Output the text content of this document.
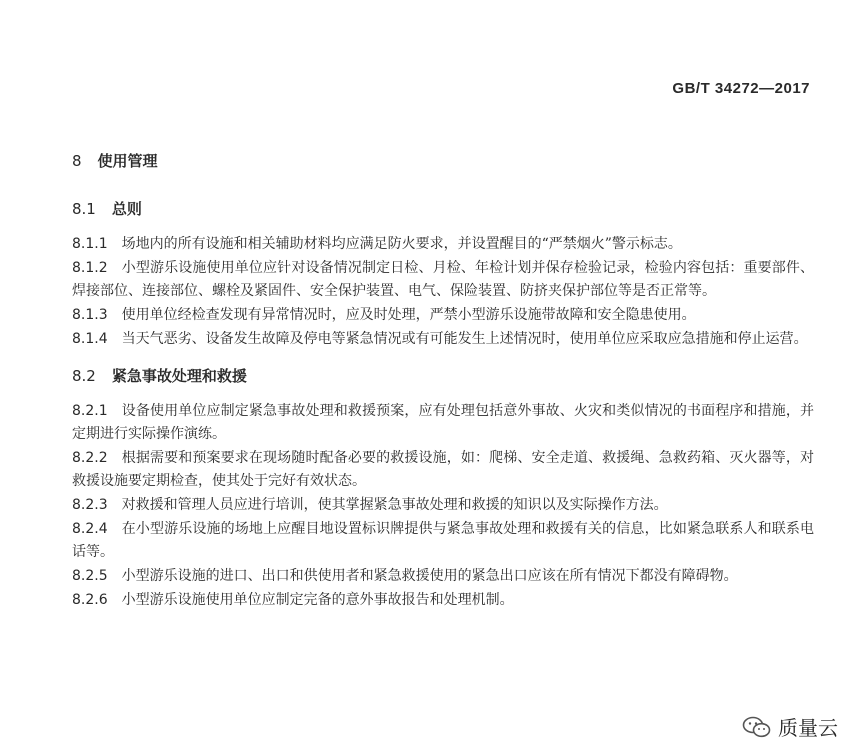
GB/T 34272—2017
8 使用管理
8.1 总则

8.1.1 场地内的所有设施和相关辅助材料均应满足防火要求，并设置醒目的“严禁烟火”警示标志。

8.1.2 小型游乐设施使用单位应针对设备情况制定日检、月检、年检计划并保存检验记录，检验内容包括：重要部件、焊接部位、连接部位、螺栓及紧固件、安全保护装置、电气、保险装置、防挤夹保护部位等是否正常等。

8.1.3 使用单位经检查发现有异常情况时，应及时处理，严禁小型游乐设施带故障和安全隐患使用。

8.1.4 当天气恶劣、设备发生故障及停电等紧急情况或有可能发生上述情况时，使用单位应采取应急措施和停止运营。

8.2 紧急事故处理和救援

8.2.1 设备使用单位应制定紧急事故处理和救援预案，应有处理包括意外事故、火灾和类似情况的书面程序和措施，并定期进行实际操作演练。

8.2.2 根据需要和预案要求在现场随时配备必要的救援设施，如：爬梯、安全走道、救援绳、急救药箱、灭火器等，对救援设施要定期检查，使其处于完好有效状态。

8.2.3 对救援和管理人员应进行培训，使其掌握紧急事故处理和救援的知识以及实际操作方法。

8.2.4 在小型游乐设施的场地上应醒目地设置标识牌提供与紧急事故处理和救援有关的信息，比如紧急联系人和联系电话等。

8.2.5 小型游乐设施的进口、出口和供使用者和紧急救援使用的紧急出口应该在所有情况下都没有障碍物。

8.2.6 小型游乐设施使用单位应制定完备的意外事故报告和处理机制。

质量云
